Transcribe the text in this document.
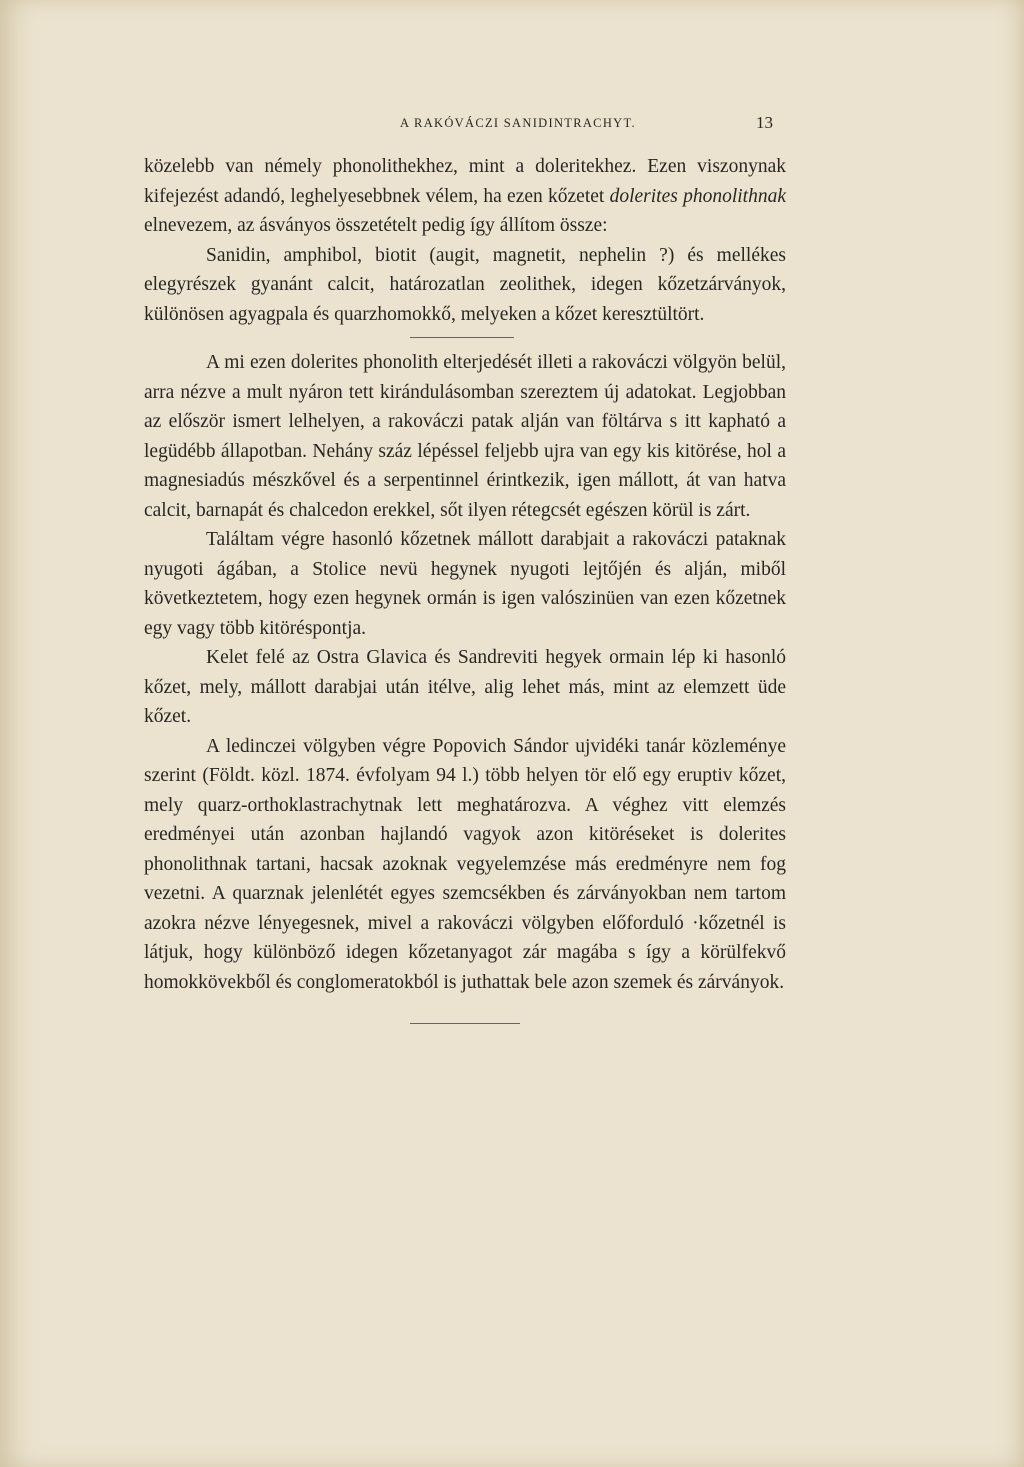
A RAKÓVÁCZI SANIDINTRACHYT.	13

közelebb van némely phonolithekhez, mint a doleritekhez. Ezen viszonynak kifejezést adandó, leghelyesebbnek vélem, ha ezen kőzetet dolerites phonolithnak elnevezem, az ásványos összetételt pedig így állítom össze:

Sanidin, amphibol, biotit (augit, magnetit, nephelin ?) és mellékes elegyrészek gyanánt calcit, határozatlan zeolithek, idegen kőzetzárványok, különösen agyagpala és quarzhomokkő, melyeken a kőzet keresztültört.

A mi ezen dolerites phonolith elterjedését illeti a rakováczi völgyön belül, arra nézve a mult nyáron tett kirándulásomban szereztem új adatokat. Legjobban az először ismert lelhelyen, a rakováczi patak alján van föltárva s itt kapható a legüdébb állapotban. Nehány száz lépéssel feljebb ujra van egy kis kitörése, hol a magnesiadús mészkővel és a serpentinnel érintkezik, igen mállott, át van hatva calcit, barnapát és chalcedon erekkel, sőt ilyen rétegcsét egészen körül is zárt.

Találtam végre hasonló kőzetnek mállott darabjait a rakováczi pataknak nyugoti ágában, a Stolice nevü hegynek nyugoti lejtőjén és alján, miből következtetem, hogy ezen hegynek ormán is igen valószinüen van ezen kőzetnek egy vagy több kitöréspontja.

Kelet felé az Ostra Glavica és Sandreviti hegyek ormain lép ki hasonló kőzet, mely, mállott darabjai után itélve, alig lehet más, mint az elemzett üde kőzet.

A ledinczei völgyben végre Popovich Sándor ujvidéki tanár közleménye szerint (Földt. közl. 1874. évfolyam 94 l.) több helyen tör elő egy eruptiv kőzet, mely quarz-orthoklastrachytnak lett meghatározva. A véghez vitt elemzés eredményei után azonban hajlandó vagyok azon kitöréseket is dolerites phonolithnak tartani, hacsak azoknak vegyelemzése más eredményre nem fog vezetni. A quarznak jelenlétét egyes szemcsékben és zárványokban nem tartom azokra nézve lényegesnek, mivel a rakováczi völgyben előforduló ·kőzetnél is látjuk, hogy különböző idegen kőzetanyagot zár magába s így a körülfekvő homokkövekből és conglomeratokból is juthattak bele azon szemek és zárványok.
